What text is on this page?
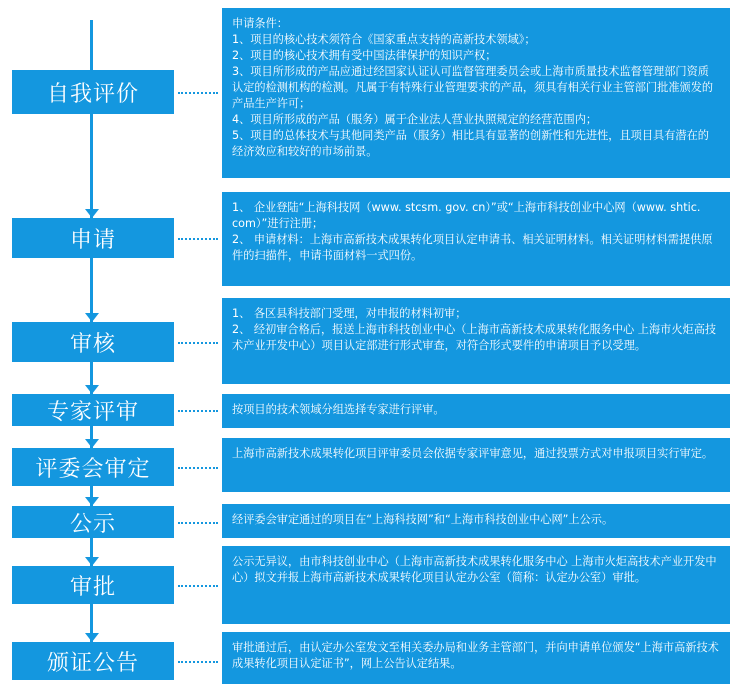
自我评价
申请条件：
1、项目的核心技术须符合《国家重点支持的高新技术领域》；
2、项目的核心技术拥有受中国法律保护的知识产权；
3、项目所形成的产品应通过经国家认证认可监督管理委员会或上海市质量技术监督管理部门资质认定的检测机构的检测。凡属于有特殊行业管理要求的产品，须具有相关行业主管部门批准颁发的产品生产许可；
4、项目所形成的产品（服务）属于企业法人营业执照规定的经营范围内；
5、项目的总体技术与其他同类产品（服务）相比具有显著的创新性和先进性，且项目具有潜在的经济效应和较好的市场前景。
申请
1、 企业登陆“上海科技网（www. stcsm. gov. cn）”或“上海市科技创业中心网（www. shtic. com）”进行注册；
2、 申请材料：上海市高新技术成果转化项目认定申请书、相关证明材料。相关证明材料需提供原件的扫描件，申请书面材料一式四份。
审核
1、 各区县科技部门受理，对申报的材料初审；
2、 经初审合格后，报送上海市科技创业中心（上海市高新技术成果转化服务中心 上海市火炬高技术产业开发中心）项目认定部进行形式审查，对符合形式要件的申请项目予以受理。
专家评审	按项目的技术领域分组选择专家进行评审。
评委会审定
上海市高新技术成果转化项目评审委员会依据专家评审意见，通过投票方式对申报项目实行审定。
公示	经评委会审定通过的项目在“上海科技网”和“上海市科技创业中心网”上公示。
审批
公示无异议，由市科技创业中心（上海市高新技术成果转化服务中心 上海市火炬高技术产业开发中心）拟文并报上海市高新技术成果转化项目认定办公室（简称：认定办公室）审批。
颁证公告
审批通过后，由认定办公室发文至相关委办局和业务主管部门，并向申请单位颁发“上海市高新技术成果转化项目认定证书”，网上公告认定结果。
